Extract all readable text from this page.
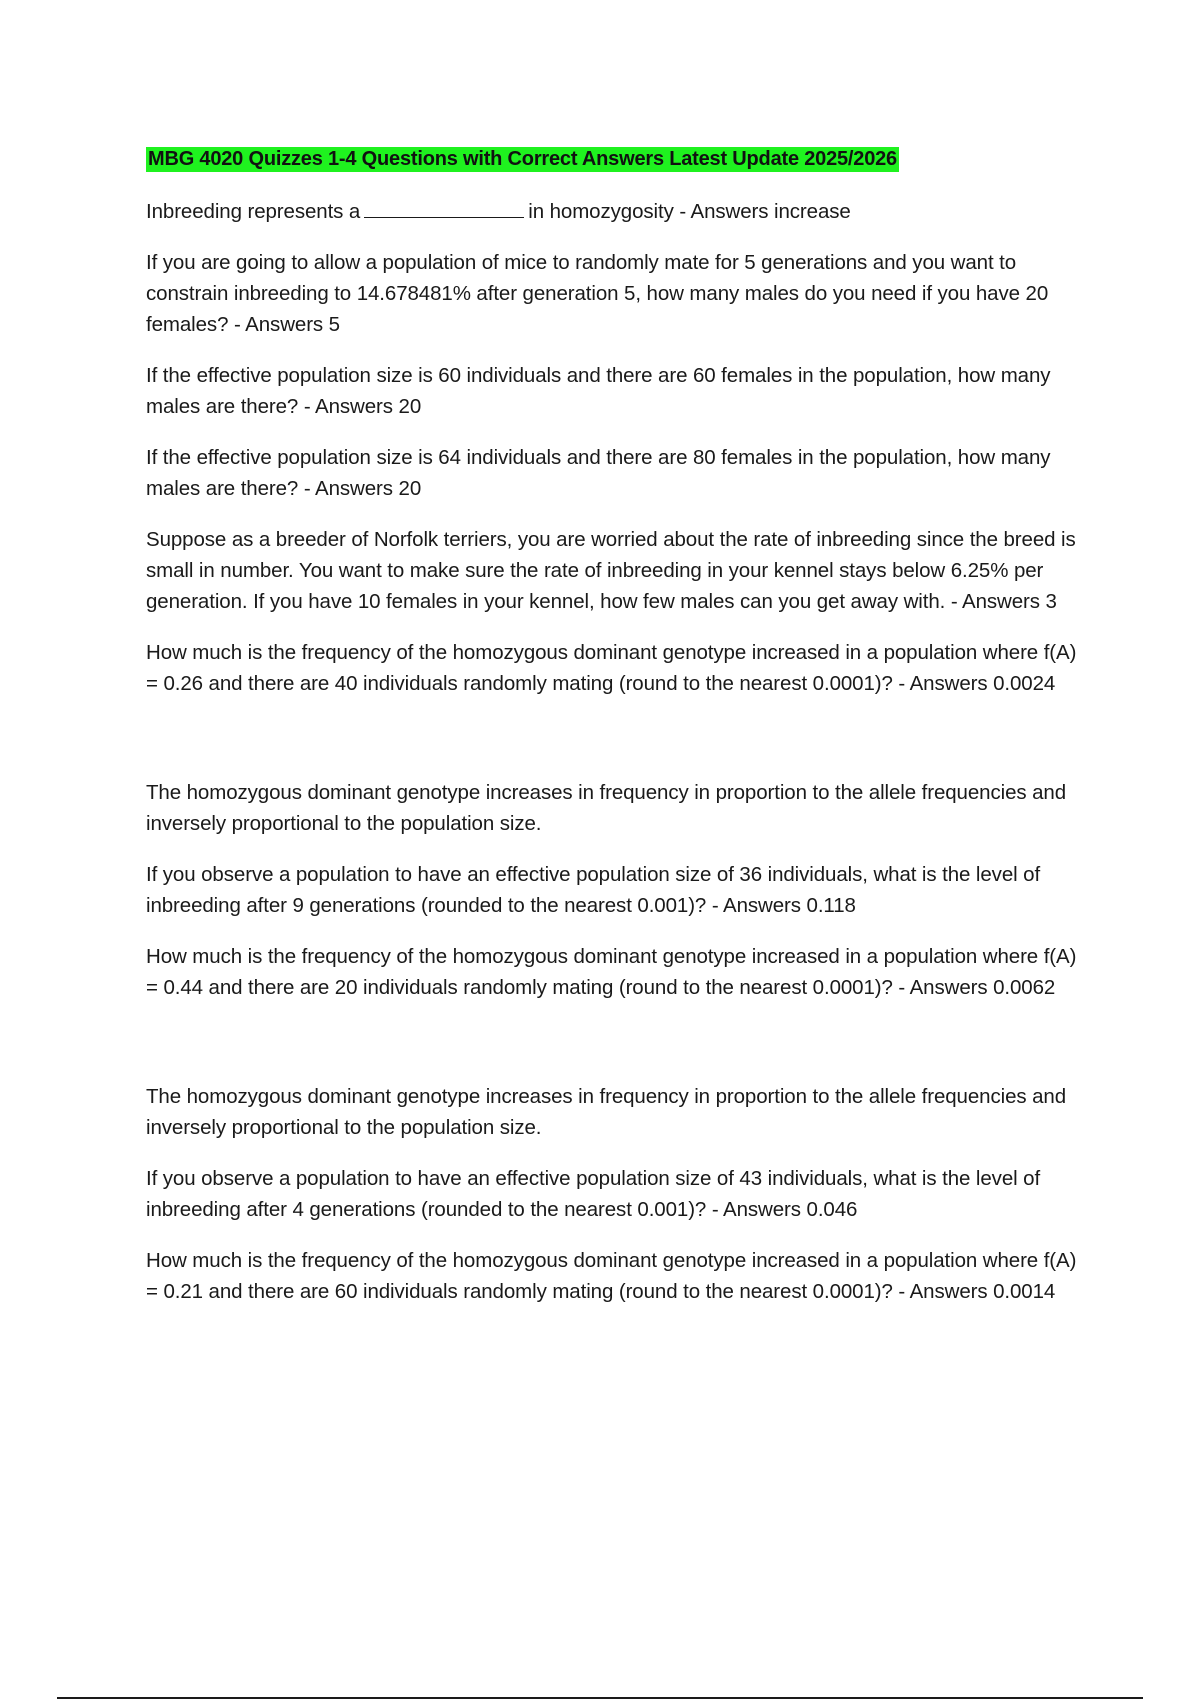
MBG 4020 Quizzes 1-4 Questions with Correct Answers Latest Update 2025/2026

Inbreeding represents a	in homozygosity - Answers increase

If you are going to allow a population of mice to randomly mate for 5 generations and you want to constrain inbreeding to 14.678481% after generation 5, how many males do you need if you have 20 females? - Answers 5

If the effective population size is 60 individuals and there are 60 females in the population, how many males are there? - Answers 20

If the effective population size is 64 individuals and there are 80 females in the population, how many males are there? - Answers 20

Suppose as a breeder of Norfolk terriers, you are worried about the rate of inbreeding since the breed is small in number. You want to make sure the rate of inbreeding in your kennel stays below 6.25% per generation. If you have 10 females in your kennel, how few males can you get away with. - Answers 3

How much is the frequency of the homozygous dominant genotype increased in a population where f(A) = 0.26 and there are 40 individuals randomly mating (round to the nearest 0.0001)? - Answers 0.0024

The homozygous dominant genotype increases in frequency in proportion to the allele frequencies and inversely proportional to the population size.

If you observe a population to have an effective population size of 36 individuals, what is the level of inbreeding after 9 generations (rounded to the nearest 0.001)? - Answers 0.118

How much is the frequency of the homozygous dominant genotype increased in a population where f(A) = 0.44 and there are 20 individuals randomly mating (round to the nearest 0.0001)? - Answers 0.0062

The homozygous dominant genotype increases in frequency in proportion to the allele frequencies and inversely proportional to the population size.

If you observe a population to have an effective population size of 43 individuals, what is the level of inbreeding after 4 generations (rounded to the nearest 0.001)? - Answers 0.046

How much is the frequency of the homozygous dominant genotype increased in a population where f(A) = 0.21 and there are 60 individuals randomly mating (round to the nearest 0.0001)? - Answers 0.0014
